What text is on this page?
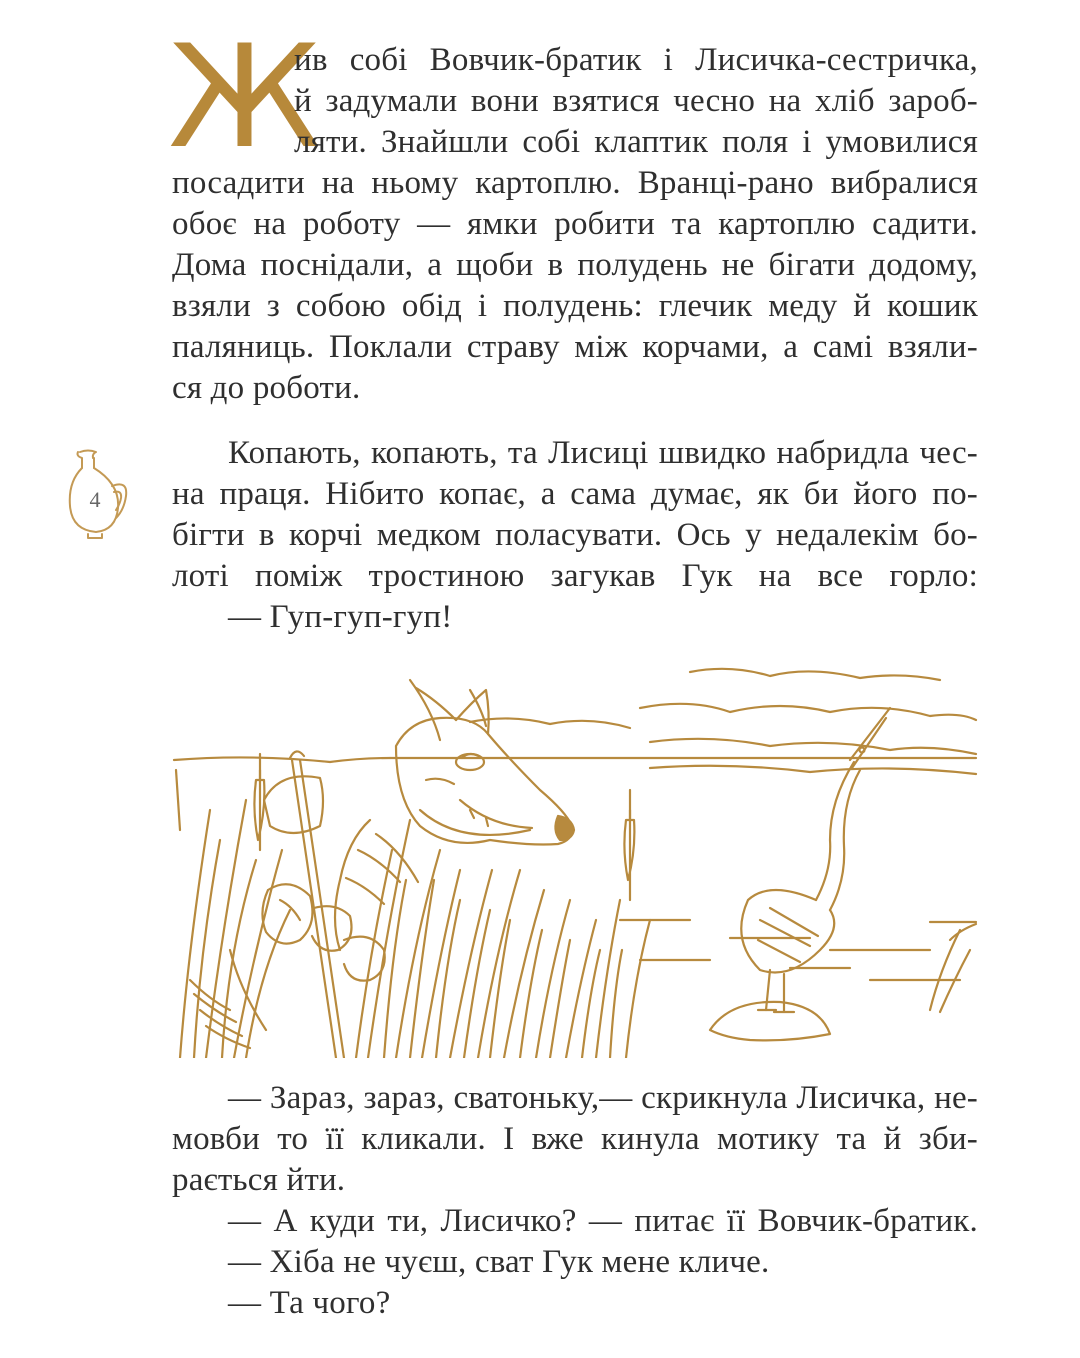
Ж

ив собі Вовчик-братик і Лисичка-сестричка,

й задумали вони взятися чесно на хліб зароб-

ляти. Знайшли собі клаптик поля і умовилися

посадити на ньому картоплю. Вранці-рано вибралися

обоє на роботу — ямки робити та картоплю садити.

Дома поснідали, а щоби в полудень не бігати додому,

взяли з собою обід і полудень: глечик меду й кошик

паляниць. Поклали страву між корчами, а самі взяли-

ся до роботи.

Копають, копають, та Лисиці швидко набридла чес-

на праця. Нібито копає, а сама думає, як би його по-

бігти в корчі медком поласувати. Ось у недалекім бо-

лоті поміж тростиною загукав Гук на все горло:

— Гуп-гуп-гуп!

4

— Зараз, зараз, сватоньку,— скрикнула Лисичка, не-

мовби то її кликали. І вже кинула мотику та й зби-

рається йти.

— А куди ти, Лисичко? — питає її Вовчик-братик.

— Хіба не чуєш, сват Гук мене кличе.

— Та чого?
